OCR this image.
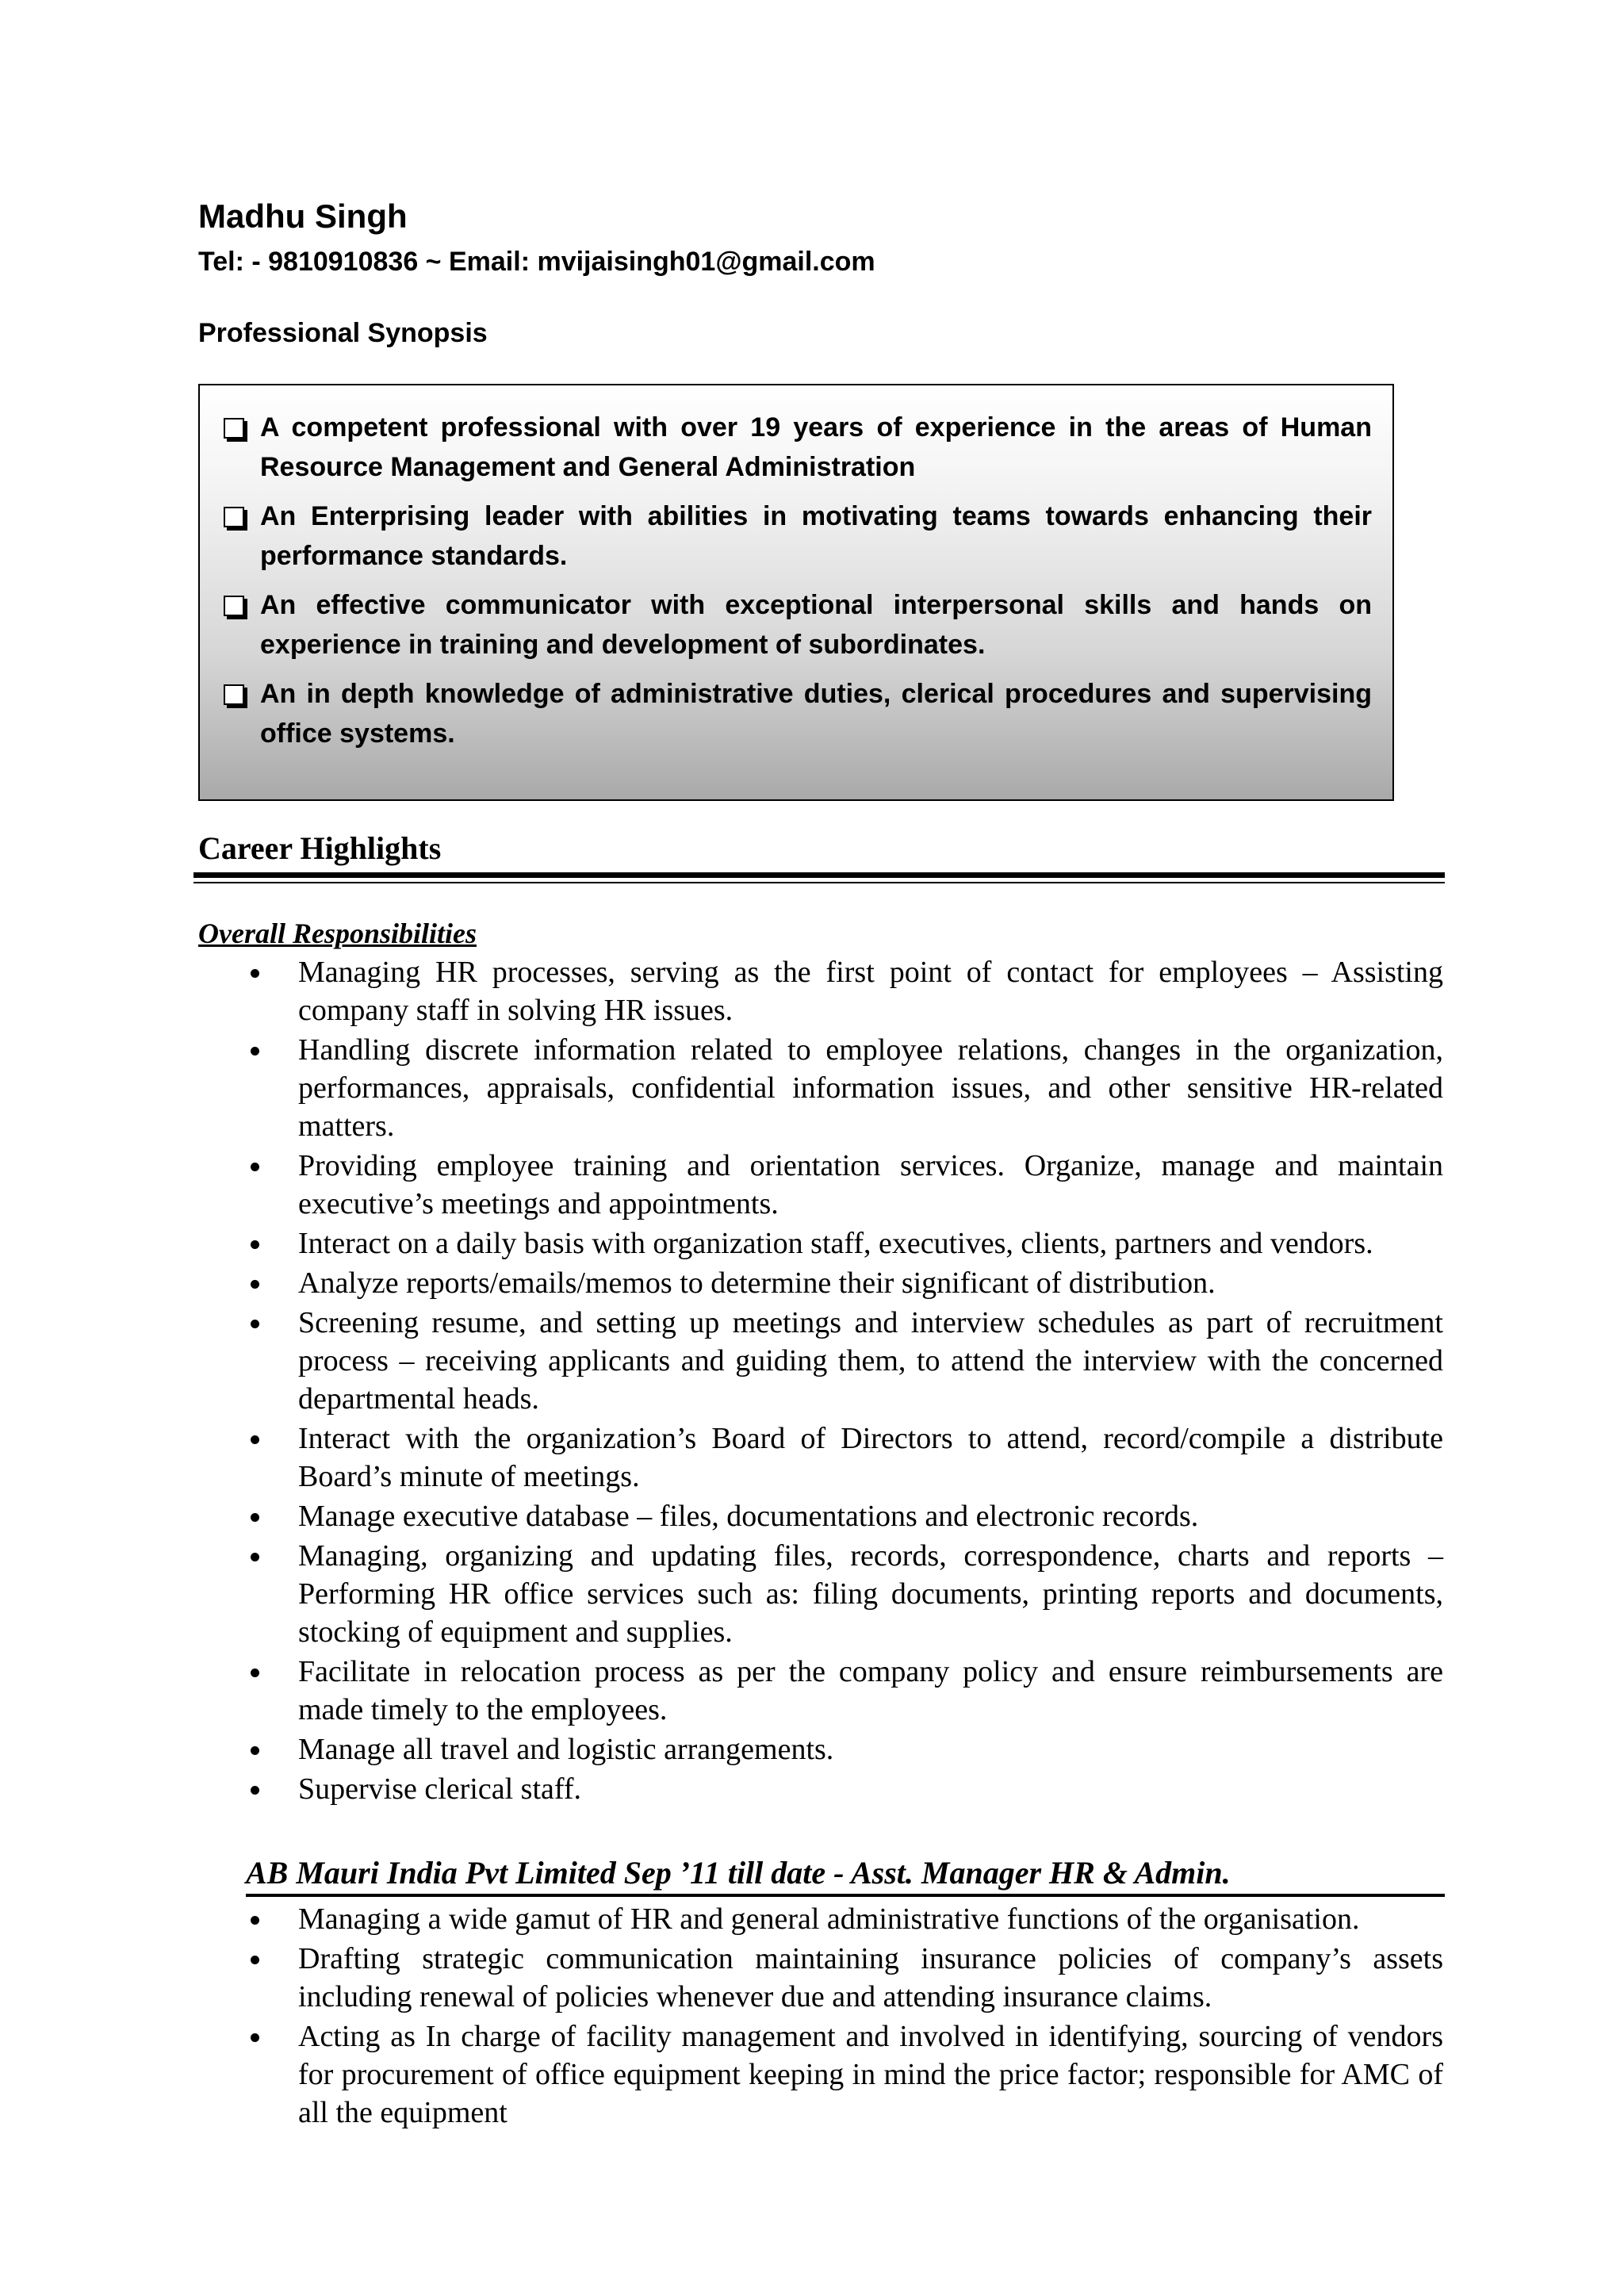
Madhu Singh

Tel: - 9810910836 ~ Email: mvijaisingh01@gmail.com

Professional Synopsis
A competent professional with over 19 years of experience in the areas of Human Resource Management and General Administration
An Enterprising leader with abilities in motivating teams towards enhancing their performance standards.
An effective communicator with exceptional interpersonal skills and hands on experience in training and development of subordinates.
An in depth knowledge of administrative duties, clerical procedures and supervising office systems.
Career Highlights
Overall Responsibilities
Managing HR processes, serving as the first point of contact for employees – Assisting company staff in solving HR issues.
Handling discrete information related to employee relations, changes in the organization, performances, appraisals, confidential information issues, and other sensitive HR-related matters.
Providing employee training and orientation services. Organize, manage and maintain executive’s meetings and appointments.
Interact on a daily basis with organization staff, executives, clients, partners and vendors.
Analyze reports/emails/memos to determine their significant of distribution.
Screening resume, and setting up meetings and interview schedules as part of recruitment process – receiving applicants and guiding them, to attend the interview with the concerned departmental heads.
Interact with the organization’s Board of Directors to attend, record/compile a distribute Board’s minute of meetings.
Manage executive database – files, documentations and electronic records.
Managing, organizing and updating files, records, correspondence, charts and reports – Performing HR office services such as: filing documents, printing reports and documents, stocking of equipment and supplies.
Facilitate in relocation process as per the company policy and ensure reimbursements are made timely to the employees.
Manage all travel and logistic arrangements.
Supervise clerical staff.
AB Mauri India Pvt Limited Sep ’11 till date - Asst. Manager HR & Admin.
Managing a wide gamut of HR and general administrative functions of the organisation.
Drafting strategic communication maintaining insurance policies of company’s assets including renewal of policies whenever due and attending insurance claims.
Acting as In charge of facility management and involved in identifying, sourcing of vendors for procurement of office equipment keeping in mind the price factor; responsible for AMC of all the equipment
